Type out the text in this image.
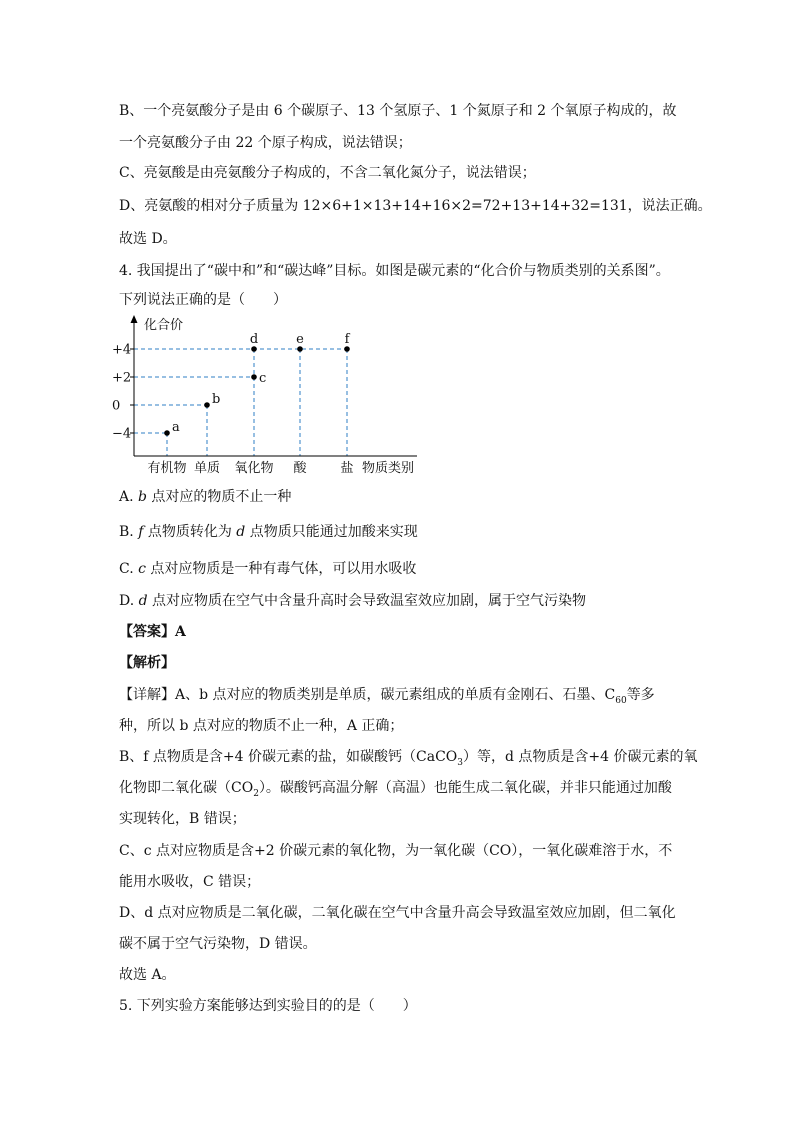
B、一个亮氨酸分子是由 6 个碳原子、13 个氢原子、1 个氮原子和 2 个氧原子构成的，故
一个亮氨酸分子由 22 个原子构成，说法错误；
C、亮氨酸是由亮氨酸分子构成的，不含二氧化氮分子，说法错误；
D、亮氨酸的相对分子质量为 12×6+1×13+14+16×2=72+13+14+32=131，说法正确。
故选 D。
4. 我国提出了“碳中和”和“碳达峰”目标。如图是碳元素的“化合价与物质类别的关系图”。
下列说法正确的是（　　）
化合价
+4
+2
0
−4
有机物 单质 氧化物 酸	盐 物质类别
a
b
c
d	e	f
A. b 点对应的物质不止一种
B. f 点物质转化为 d 点物质只能通过加酸来实现
C. c 点对应物质是一种有毒气体，可以用水吸收
D. d 点对应物质在空气中含量升高时会导致温室效应加剧，属于空气污染物
【答案】A
【解析】
【详解】A、b 点对应的物质类别是单质，碳元素组成的单质有金刚石、石墨、$C_{60}$等多
种，所以 b 点对应的物质不止一种，A 正确；
B、f 点物质是含+4 价碳元素的盐，如碳酸钙（CaCO$_3$）等，d 点物质是含+4 价碳元素的氧
化物即二氧化碳$(CO_2)$。碳酸钙高温分解（高温）也能生成二氧化碳，并非只能通过加酸
实现转化，B 错误；
C、c 点对应物质是含+2 价碳元素的氧化物，为一氧化碳（CO），一氧化碳难溶于水，不
能用水吸收，C 错误；
D、d 点对应物质是二氧化碳，二氧化碳在空气中含量升高会导致温室效应加剧，但二氧化
碳不属于空气污染物，D 错误。
故选 A。
5. 下列实验方案能够达到实验目的的是（　　）
